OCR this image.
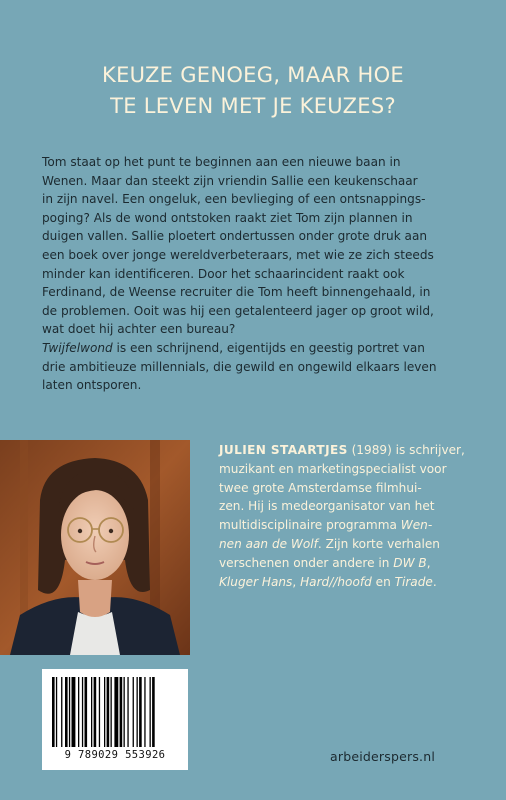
KEUZE GENOEG, MAAR HOE
TE LEVEN MET JE KEUZES?
Tom staat op het punt te beginnen aan een nieuwe baan in
Wenen. Maar dan steekt zijn vriendin Sallie een keukenschaar
in zijn navel. Een ongeluk, een bevlieging of een ontsnappings-
poging? Als de wond ontstoken raakt ziet Tom zijn plannen in
duigen vallen. Sallie ploetert ondertussen onder grote druk aan
een boek over jonge wereldverbeteraars, met wie ze zich steeds
minder kan identificeren. Door het schaarincident raakt ook
Ferdinand, de Weense recruiter die Tom heeft binnengehaald, in
de problemen. Ooit was hij een getalenteerd jager op groot wild,
wat doet hij achter een bureau?
Twijfelwond is een schrijnend, eigentijds en geestig portret van
drie ambitieuze millennials, die gewild en ongewild elkaars leven
laten ontsporen.
JULIEN STAARTJES (1989) is schrijver,
muzikant en marketingspecialist voor
twee grote Amsterdamse filmhui-
zen. Hij is medeorganisator van het
multidisciplinaire programma Wen-
nen aan de Wolf. Zijn korte verhalen
verschenen onder andere in DW B,
Kluger Hans, Hard//hoofd en Tirade.
9 789029 553926	arbeiderspers.nl
